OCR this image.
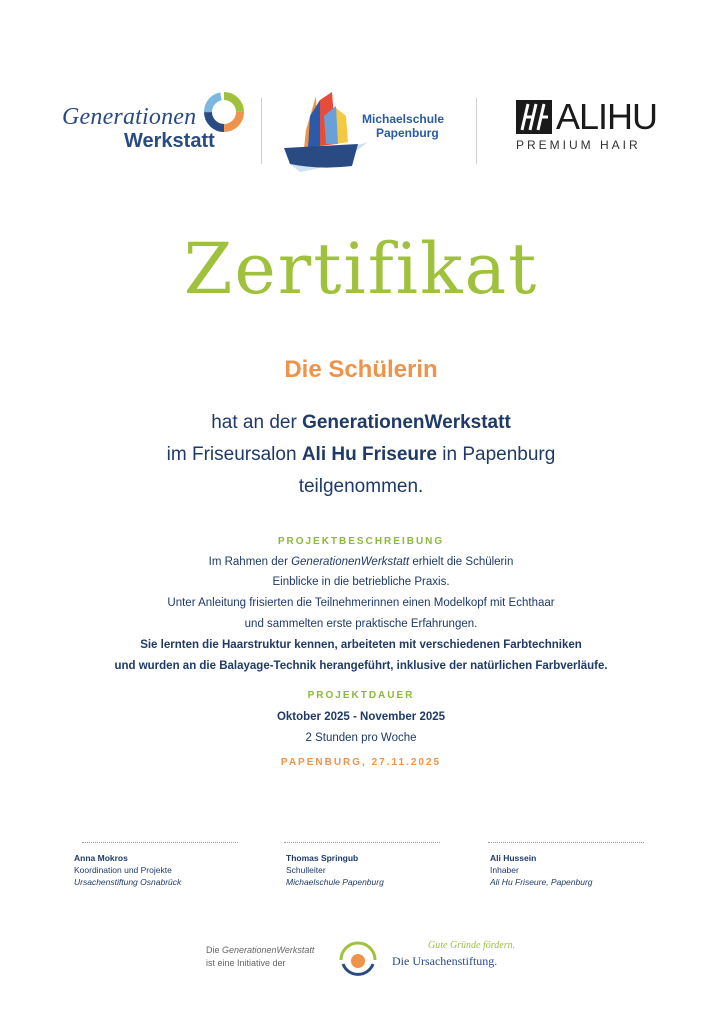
Generationen
Werkstatt
Michaelschule
Papenburg	ALIHU
PREMIUM HAIR
Zertifikat
Die Schülerin
hat an der GenerationenWerkstatt
im Friseursalon Ali Hu Friseure in Papenburg
teilgenommen.
PROJEKTBESCHREIBUNG
Im Rahmen der GenerationenWerkstatt erhielt die Schülerin
Einblicke in die betriebliche Praxis.
Unter Anleitung frisierten die Teilnehmerinnen einen Modelkopf mit Echthaar
und sammelten erste praktische Erfahrungen.
Sie lernten die Haarstruktur kennen, arbeiteten mit verschiedenen Farbtechniken
und wurden an die Balayage-Technik herangeführt, inklusive der natürlichen Farbverläufe.
PROJEKTDAUER
Oktober 2025 - November 2025
2 Stunden pro Woche
PAPENBURG, 27.11.2025
Anna Mokros
Koordination und Projekte
Ursachenstiftung Osnabrück
Thomas Springub
Schulleiter
Michaelschule Papenburg
Ali Hussein
Inhaber
Ali Hu Friseure, Papenburg
Die GenerationenWerkstatt
ist eine Initiative der
Gute Gründe fördern.
Die Ursachenstiftung.
